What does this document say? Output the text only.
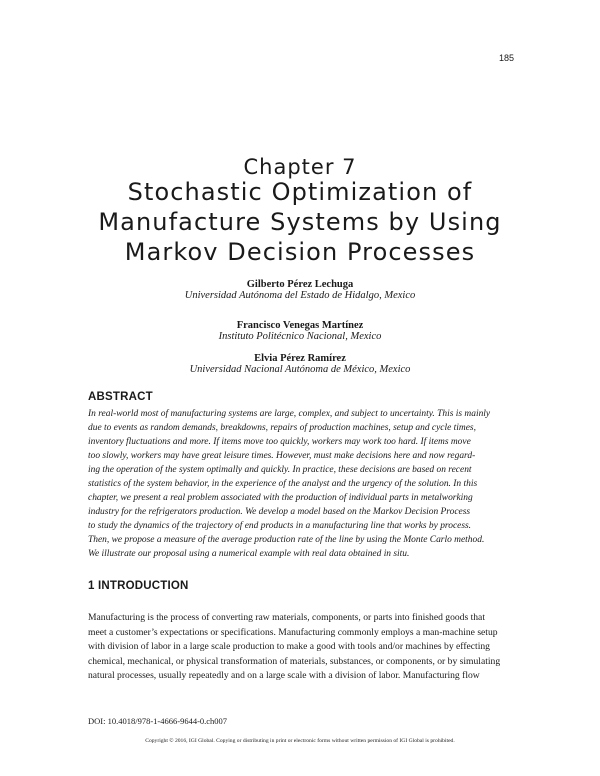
185
Chapter 7
Stochastic Optimization of
Manufacture Systems by Using
Markov Decision Processes
Gilberto Pérez Lechuga
Universidad Autónoma del Estado de Hidalgo, Mexico
Francisco Venegas Martínez
Instituto Politécnico Nacional, Mexico
Elvia Pérez Ramírez
Universidad Nacional Autónoma de México, Mexico
ABSTRACT
In real-world most of manufacturing systems are large, complex, and subject to uncertainty. This is mainly
due to events as random demands, breakdowns, repairs of production machines, setup and cycle times,
inventory fluctuations and more. If items move too quickly, workers may work too hard. If items move
too slowly, workers may have great leisure times. However, must make decisions here and now regard-
ing the operation of the system optimally and quickly. In practice, these decisions are based on recent
statistics of the system behavior, in the experience of the analyst and the urgency of the solution. In this
chapter, we present a real problem associated with the production of individual parts in metalworking
industry for the refrigerators production. We develop a model based on the Markov Decision Process
to study the dynamics of the trajectory of end products in a manufacturing line that works by process.
Then, we propose a measure of the average production rate of the line by using the Monte Carlo method.
We illustrate our proposal using a numerical example with real data obtained in situ.
1 INTRODUCTION
Manufacturing is the process of converting raw materials, components, or parts into finished goods that
meet a customer’s expectations or specifications. Manufacturing commonly employs a man-machine setup
with division of labor in a large scale production to make a good with tools and/or machines by effecting
chemical, mechanical, or physical transformation of materials, substances, or components, or by simulating
natural processes, usually repeatedly and on a large scale with a division of labor. Manufacturing flow
DOI: 10.4018/978-1-4666-9644-0.ch007
Copyright © 2016, IGI Global. Copying or distributing in print or electronic forms without written permission of IGI Global is prohibited.
